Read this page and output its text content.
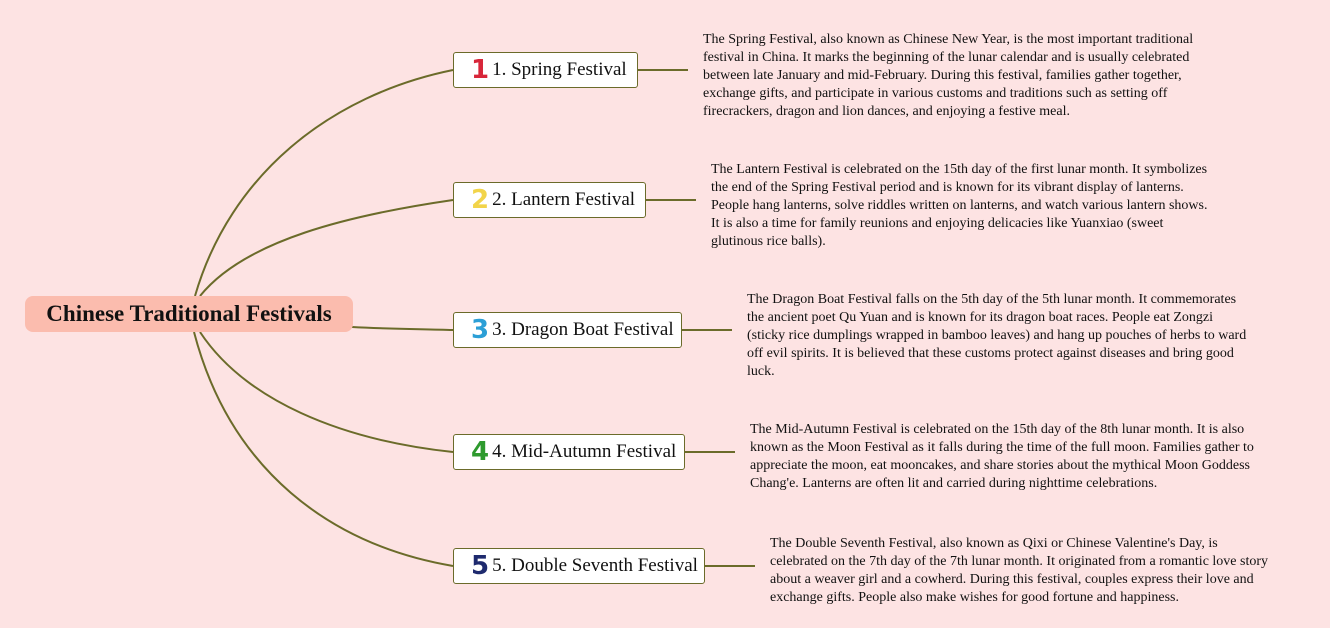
Chinese Traditional Festivals
1 1. Spring Festival
The Spring Festival, also known as Chinese New Year, is the most important traditional festival in China. It marks the beginning of the lunar calendar and is usually celebrated between late January and mid-February. During this festival, families gather together, exchange gifts, and participate in various customs and traditions such as setting off firecrackers, dragon and lion dances, and enjoying a festive meal.
2 2. Lantern Festival
The Lantern Festival is celebrated on the 15th day of the first lunar month. It symbolizes the end of the Spring Festival period and is known for its vibrant display of lanterns. People hang lanterns, solve riddles written on lanterns, and watch various lantern shows. It is also a time for family reunions and enjoying delicacies like Yuanxiao (sweet glutinous rice balls).
3 3. Dragon Boat Festival
The Dragon Boat Festival falls on the 5th day of the 5th lunar month. It commemorates the ancient poet Qu Yuan and is known for its dragon boat races. People eat Zongzi (sticky rice dumplings wrapped in bamboo leaves) and hang up pouches of herbs to ward off evil spirits. It is believed that these customs protect against diseases and bring good luck.
4 4. Mid-Autumn Festival
The Mid-Autumn Festival is celebrated on the 15th day of the 8th lunar month. It is also known as the Moon Festival as it falls during the time of the full moon. Families gather to appreciate the moon, eat mooncakes, and share stories about the mythical Moon Goddess Chang'e. Lanterns are often lit and carried during nighttime celebrations.
5 5. Double Seventh Festival
The Double Seventh Festival, also known as Qixi or Chinese Valentine's Day, is celebrated on the 7th day of the 7th lunar month. It originated from a romantic love story about a weaver girl and a cowherd. During this festival, couples express their love and exchange gifts. People also make wishes for good fortune and happiness.
